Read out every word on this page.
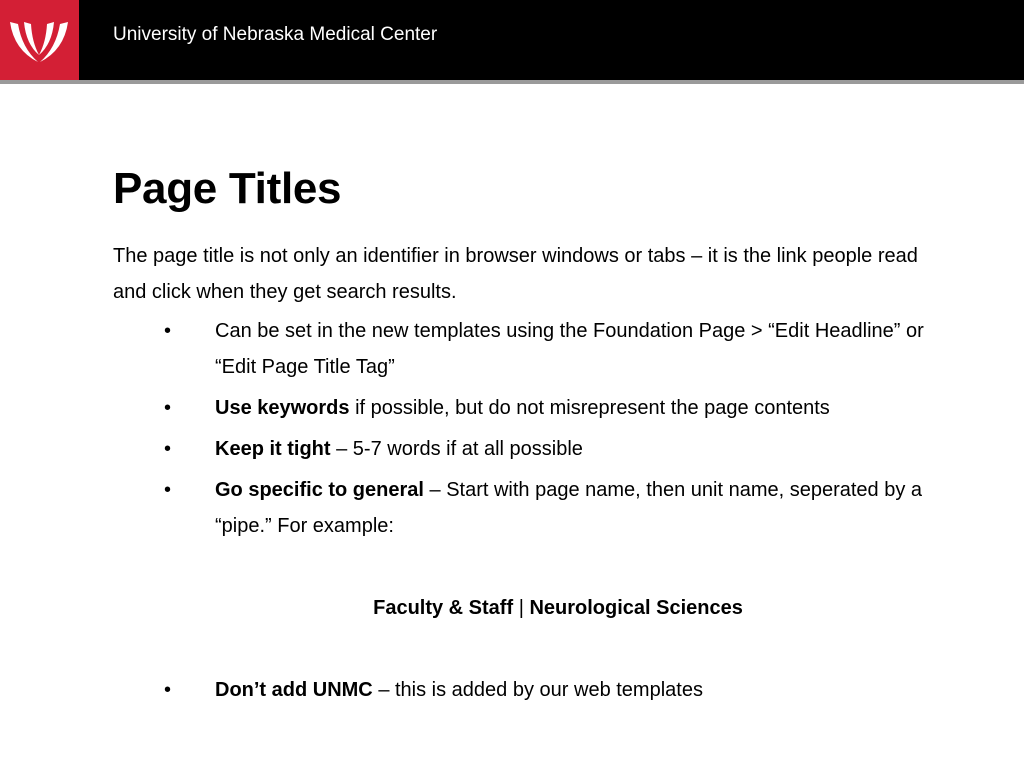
University of Nebraska Medical Center
Page Titles

The page title is not only an identifier in browser windows or tabs – it is the link people read and click when they get search results.

• Can be set in the new templates using the Foundation Page > “Edit Headline” or “Edit Page Title Tag”
• Use keywords if possible, but do not misrepresent the page contents
• Keep it tight – 5-7 words if at all possible
• Go specific to general – Start with page name, then unit name, seperated by a “pipe.” For example:
Faculty & Staff | Neurological Sciences
• Don’t add UNMC – this is added by our web templates
